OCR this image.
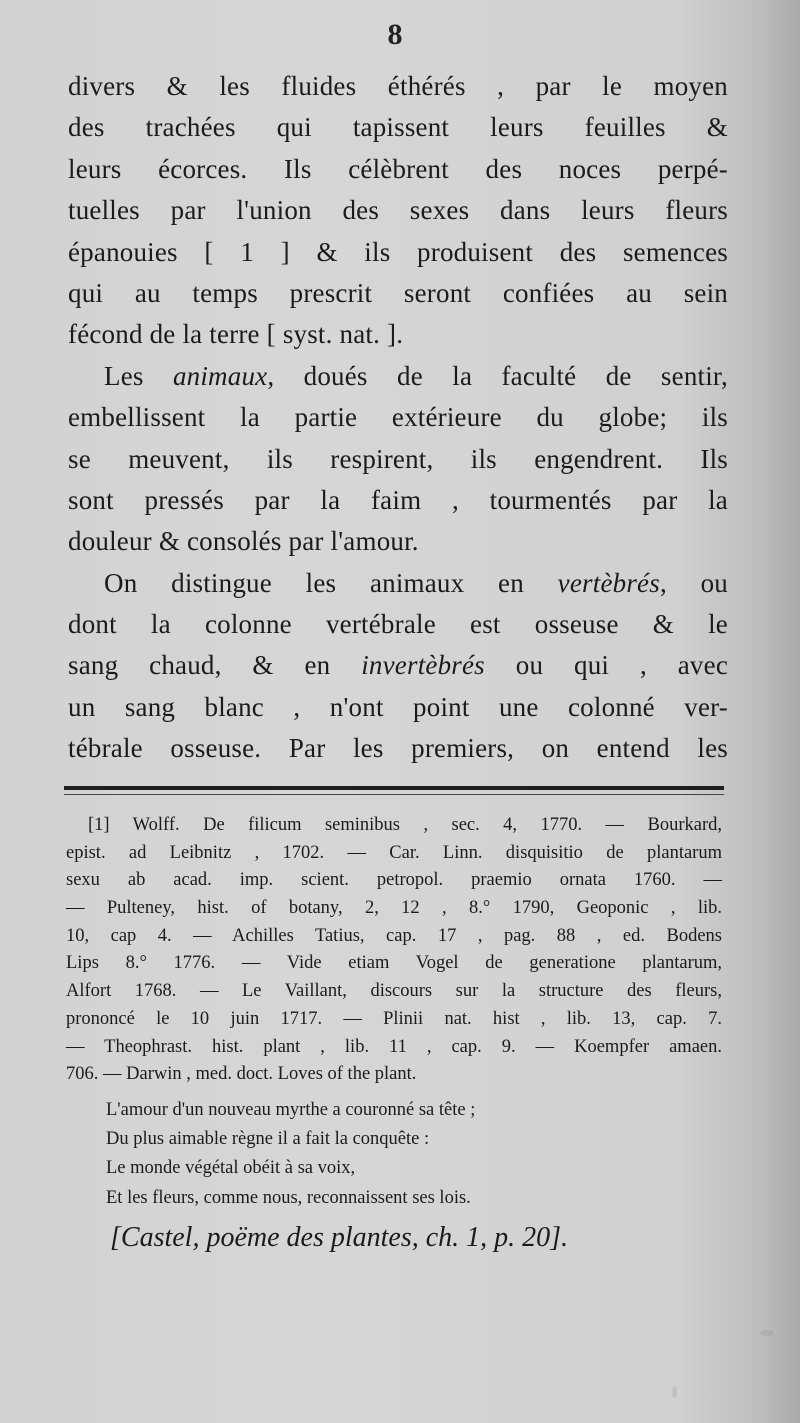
8
divers & les fluides éthérés , par le moyen
des trachées qui tapissent leurs feuilles &
leurs écorces. Ils célèbrent des noces perpé-
tuelles par l'union des sexes dans leurs fleurs
épanouies [ 1 ] & ils produisent des semences
qui au temps prescrit seront confiées au sein
fécond de la terre [ syst. nat. ].
Les animaux, doués de la faculté de sentir,
embellissent la partie extérieure du globe; ils
se meuvent, ils respirent, ils engendrent. Ils
sont pressés par la faim , tourmentés par la
douleur & consolés par l'amour.
On distingue les animaux en vertèbrés, ou
dont la colonne vertébrale est osseuse & le
sang chaud, & en invertèbrés ou qui , avec
un sang blanc , n'ont point une colonné ver-
tébrale osseuse. Par les premiers, on entend les
[1] Wolff. De filicum seminibus , sec. 4, 1770. — Bourkard,
epist. ad Leibnitz , 1702. — Car. Linn. disquisitio de plantarum
sexu ab acad. imp. scient. petropol. praemio ornata 1760. —
— Pulteney, hist. of botany, 2, 12 , 8.° 1790, Geoponic , lib.
10, cap 4. — Achilles Tatius, cap. 17 , pag. 88 , ed. Bodens
Lips 8.° 1776. — Vide etiam Vogel de generatione plantarum,
Alfort 1768. — Le Vaillant, discours sur la structure des fleurs,
prononcé le 10 juin 1717. — Plinii nat. hist , lib. 13, cap. 7.
— Theophrast. hist. plant , lib. 11 , cap. 9. — Koempfer amaen.
706. — Darwin , med. doct. Loves of the plant.
L'amour d'un nouveau myrthe a couronné sa tête ;
Du plus aimable règne il a fait la conquête :
Le monde végétal obéit à sa voix,
Et les fleurs, comme nous, reconnaissent ses lois.
[Castel, poëme des plantes, ch. 1, p. 20].
